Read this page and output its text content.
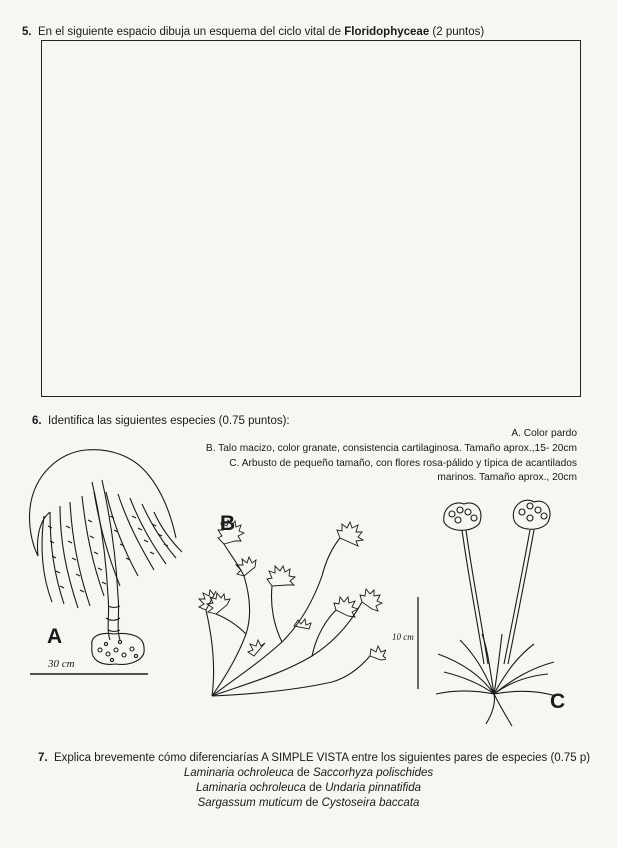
5. En el siguiente espacio dibuja un esquema del ciclo vital de Floridophyceae (2 puntos)
6. Identifica las siguientes especies (0.75 puntos):
A. Color pardo
B. Talo macizo, color granate, consistencia cartilaginosa. Tamaño aprox.,15- 20cm
C. Arbusto de pequeño tamaño, con flores rosa-pálido y típica de acantilados
marinos. Tamaño aprox., 20cm
A
30 cm
B
10 cm
C
7. Explica brevemente cómo diferenciarías A SIMPLE VISTA entre los siguientes pares de especies (0.75 p)
Laminaria ochroleuca de Saccorhyza polischides
Laminaria ochroleuca de Undaria pinnatifida
Sargassum muticum de Cystoseira baccata
